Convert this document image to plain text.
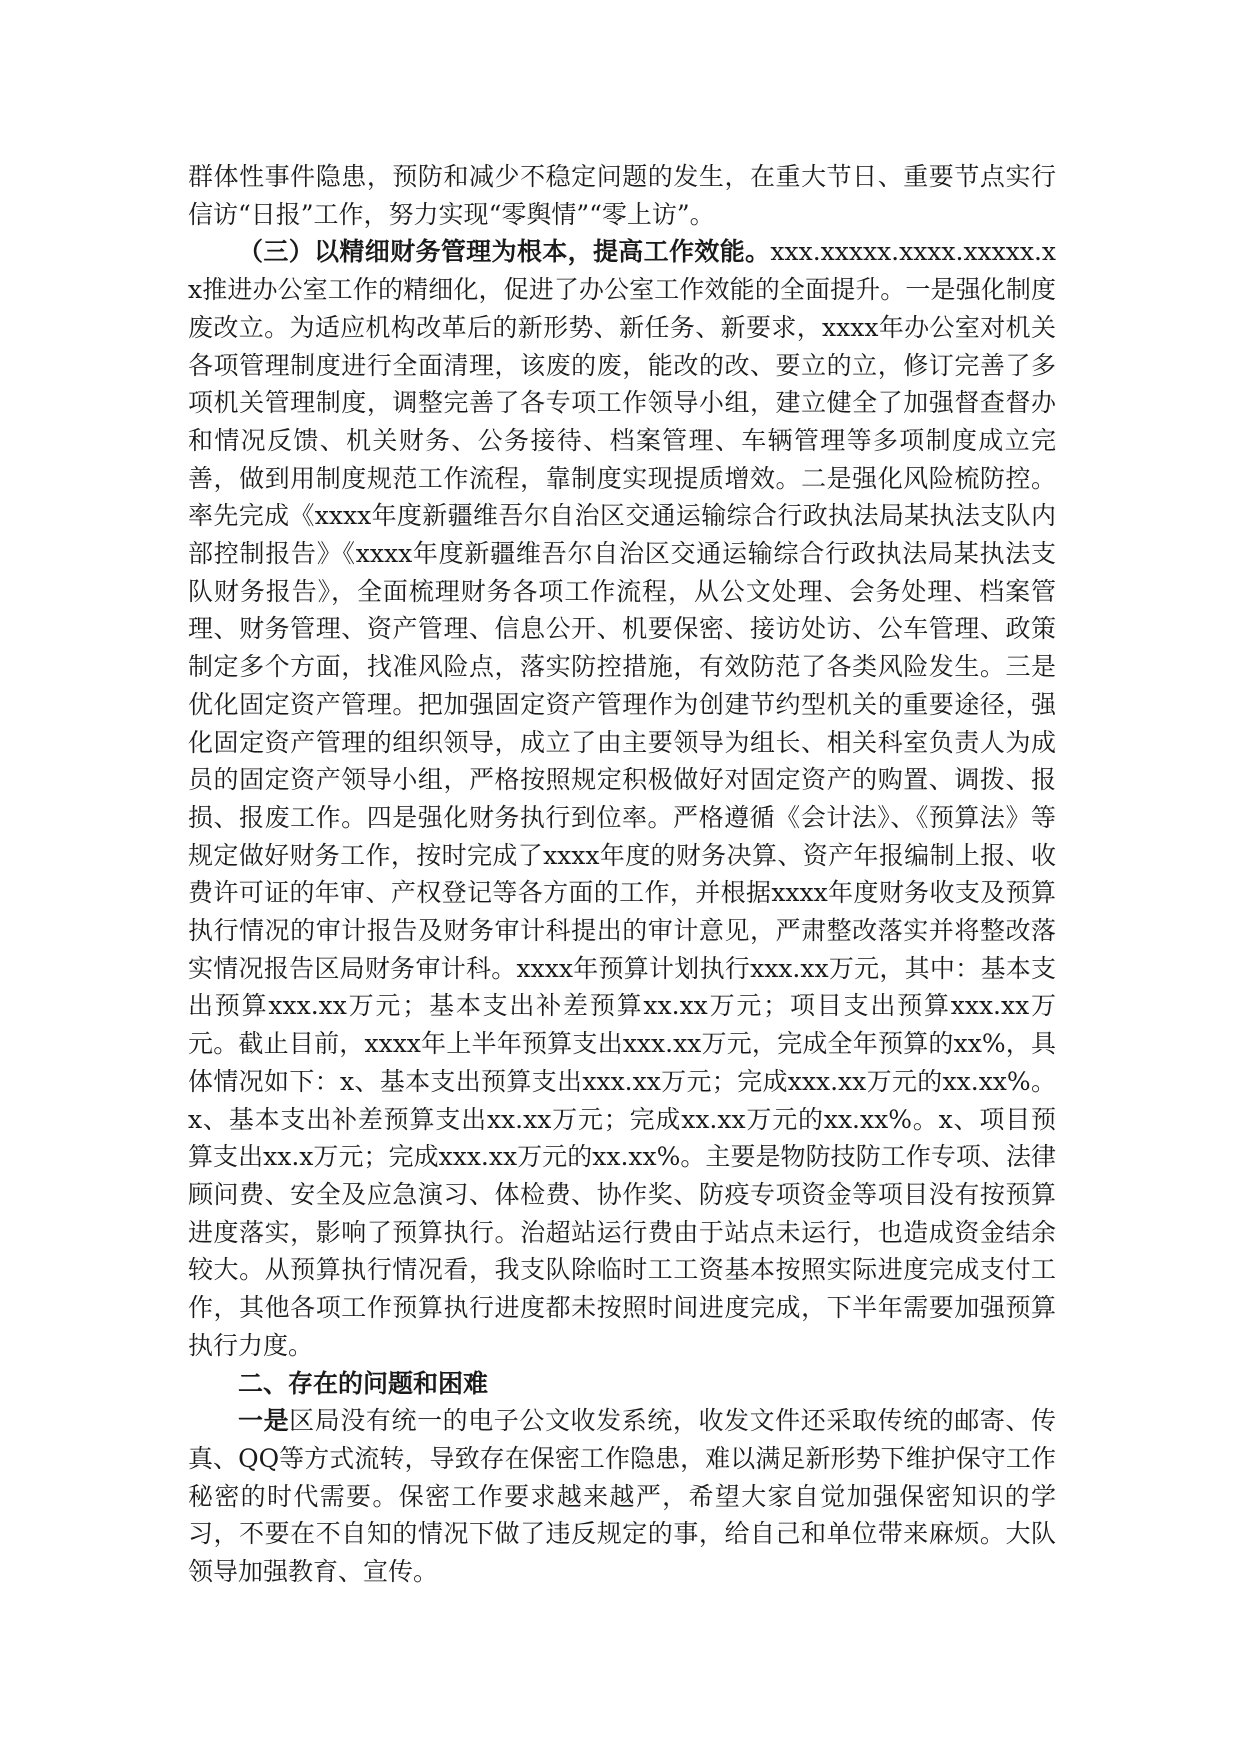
群体性事件隐患，预防和减少不稳定问题的发生，在重大节日、重要节点实行信访“日报”工作，努力实现“零舆情”“零上访”。

（三）以精细财务管理为根本，提高工作效能。xxx.xxxxx.xxxx.xxxxx.xx推进办公室工作的精细化，促进了办公室工作效能的全面提升。一是强化制度废改立。为适应机构改革后的新形势、新任务、新要求，xxxx年办公室对机关各项管理制度进行全面清理，该废的废，能改的改、要立的立，修订完善了多项机关管理制度，调整完善了各专项工作领导小组，建立健全了加强督查督办和情况反馈、机关财务、公务接待、档案管理、车辆管理等多项制度成立完善，做到用制度规范工作流程，靠制度实现提质增效。二是强化风险梳防控。率先完成《xxxx年度新疆维吾尔自治区交通运输综合行政执法局某执法支队内部控制报告》《xxxx年度新疆维吾尔自治区交通运输综合行政执法局某执法支队财务报告》，全面梳理财务各项工作流程，从公文处理、会务处理、档案管理、财务管理、资产管理、信息公开、机要保密、接访处访、公车管理、政策制定多个方面，找准风险点，落实防控措施，有效防范了各类风险发生。三是优化固定资产管理。把加强固定资产管理作为创建节约型机关的重要途径，强化固定资产管理的组织领导，成立了由主要领导为组长、相关科室负责人为成员的固定资产领导小组，严格按照规定积极做好对固定资产的购置、调拨、报损、报废工作。四是强化财务执行到位率。严格遵循《会计法》、《预算法》等规定做好财务工作，按时完成了xxxx年度的财务决算、资产年报编制上报、收费许可证的年审、产权登记等各方面的工作，并根据xxxx年度财务收支及预算执行情况的审计报告及财务审计科提出的审计意见，严肃整改落实并将整改落实情况报告区局财务审计科。xxxx年预算计划执行xxx.xx万元，其中：基本支出预算xxx.xx万元；基本支出补差预算xx.xx万元；项目支出预算xxx.xx万元。截止目前，xxxx年上半年预算支出xxx.xx万元，完成全年预算的xx%，具体情况如下：x、基本支出预算支出xxx.xx万元；完成xxx.xx万元的xx.xx%。x、基本支出补差预算支出xx.xx万元；完成xx.xx万元的xx.xx%。x、项目预算支出xx.x万元；完成xxx.xx万元的xx.xx%。主要是物防技防工作专项、法律顾问费、安全及应急演习、体检费、协作奖、防疫专项资金等项目没有按预算进度落实，影响了预算执行。治超站运行费由于站点未运行，也造成资金结余较大。从预算执行情况看，我支队除临时工工资基本按照实际进度完成支付工作，其他各项工作预算执行进度都未按照时间进度完成，下半年需要加强预算执行力度。

二、存在的问题和困难

一是区局没有统一的电子公文收发系统，收发文件还采取传统的邮寄、传真、QQ等方式流转，导致存在保密工作隐患，难以满足新形势下维护保守工作秘密的时代需要。保密工作要求越来越严，希望大家自觉加强保密知识的学习，不要在不自知的情况下做了违反规定的事，给自己和单位带来麻烦。大队领导加强教育、宣传。
